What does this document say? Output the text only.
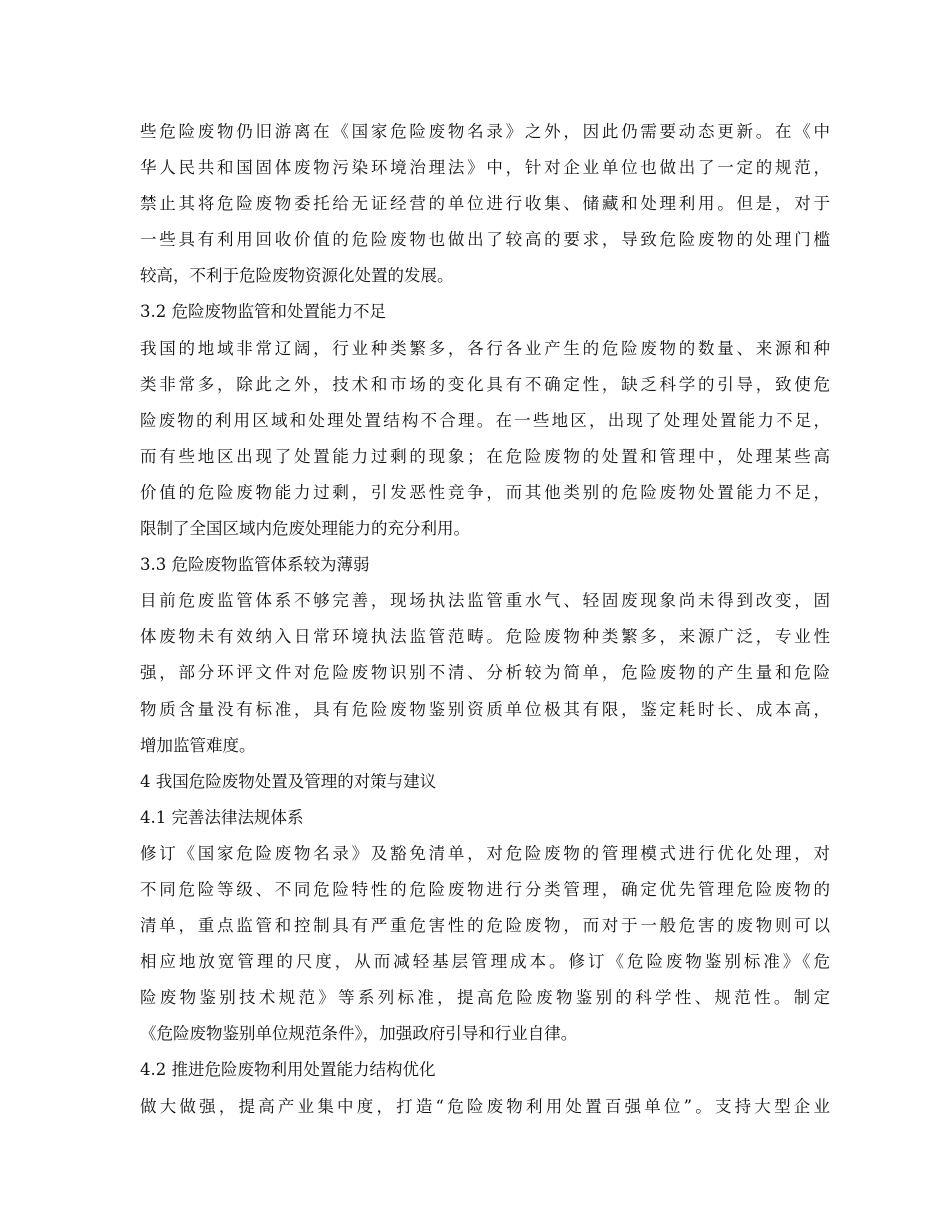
些危险废物仍旧游离在《国家危险废物名录》之外，因此仍需要动态更新。在《中
华人民共和国固体废物污染环境治理法》中，针对企业单位也做出了一定的规范，
禁止其将危险废物委托给无证经营的单位进行收集、储藏和处理利用。但是，对于
一些具有利用回收价值的危险废物也做出了较高的要求，导致危险废物的处理门槛
较高，不利于危险废物资源化处置的发展。
3.2 危险废物监管和处置能力不足
我国的地域非常辽阔，行业种类繁多，各行各业产生的危险废物的数量、来源和种
类非常多，除此之外，技术和市场的变化具有不确定性，缺乏科学的引导，致使危
险废物的利用区域和处理处置结构不合理。在一些地区，出现了处理处置能力不足，
而有些地区出现了处置能力过剩的现象；在危险废物的处置和管理中，处理某些高
价值的危险废物能力过剩，引发恶性竞争，而其他类别的危险废物处置能力不足，
限制了全国区域内危废处理能力的充分利用。
3.3 危险废物监管体系较为薄弱
目前危废监管体系不够完善，现场执法监管重水气、轻固废现象尚未得到改变，固
体废物未有效纳入日常环境执法监管范畴。危险废物种类繁多，来源广泛，专业性
强，部分环评文件对危险废物识别不清、分析较为简单，危险废物的产生量和危险
物质含量没有标准，具有危险废物鉴别资质单位极其有限，鉴定耗时长、成本高，
增加监管难度。
4 我国危险废物处置及管理的对策与建议
4.1 完善法律法规体系
修订《国家危险废物名录》及豁免清单，对危险废物的管理模式进行优化处理，对
不同危险等级、不同危险特性的危险废物进行分类管理，确定优先管理危险废物的
清单，重点监管和控制具有严重危害性的危险废物，而对于一般危害的废物则可以
相应地放宽管理的尺度，从而减轻基层管理成本。修订《危险废物鉴别标准》《危
险废物鉴别技术规范》等系列标准，提高危险废物鉴别的科学性、规范性。制定
《危险废物鉴别单位规范条件》，加强政府引导和行业自律。
4.2 推进危险废物利用处置能力结构优化
做大做强，提高产业集中度，打造“危险废物利用处置百强单位”。支持大型企业
